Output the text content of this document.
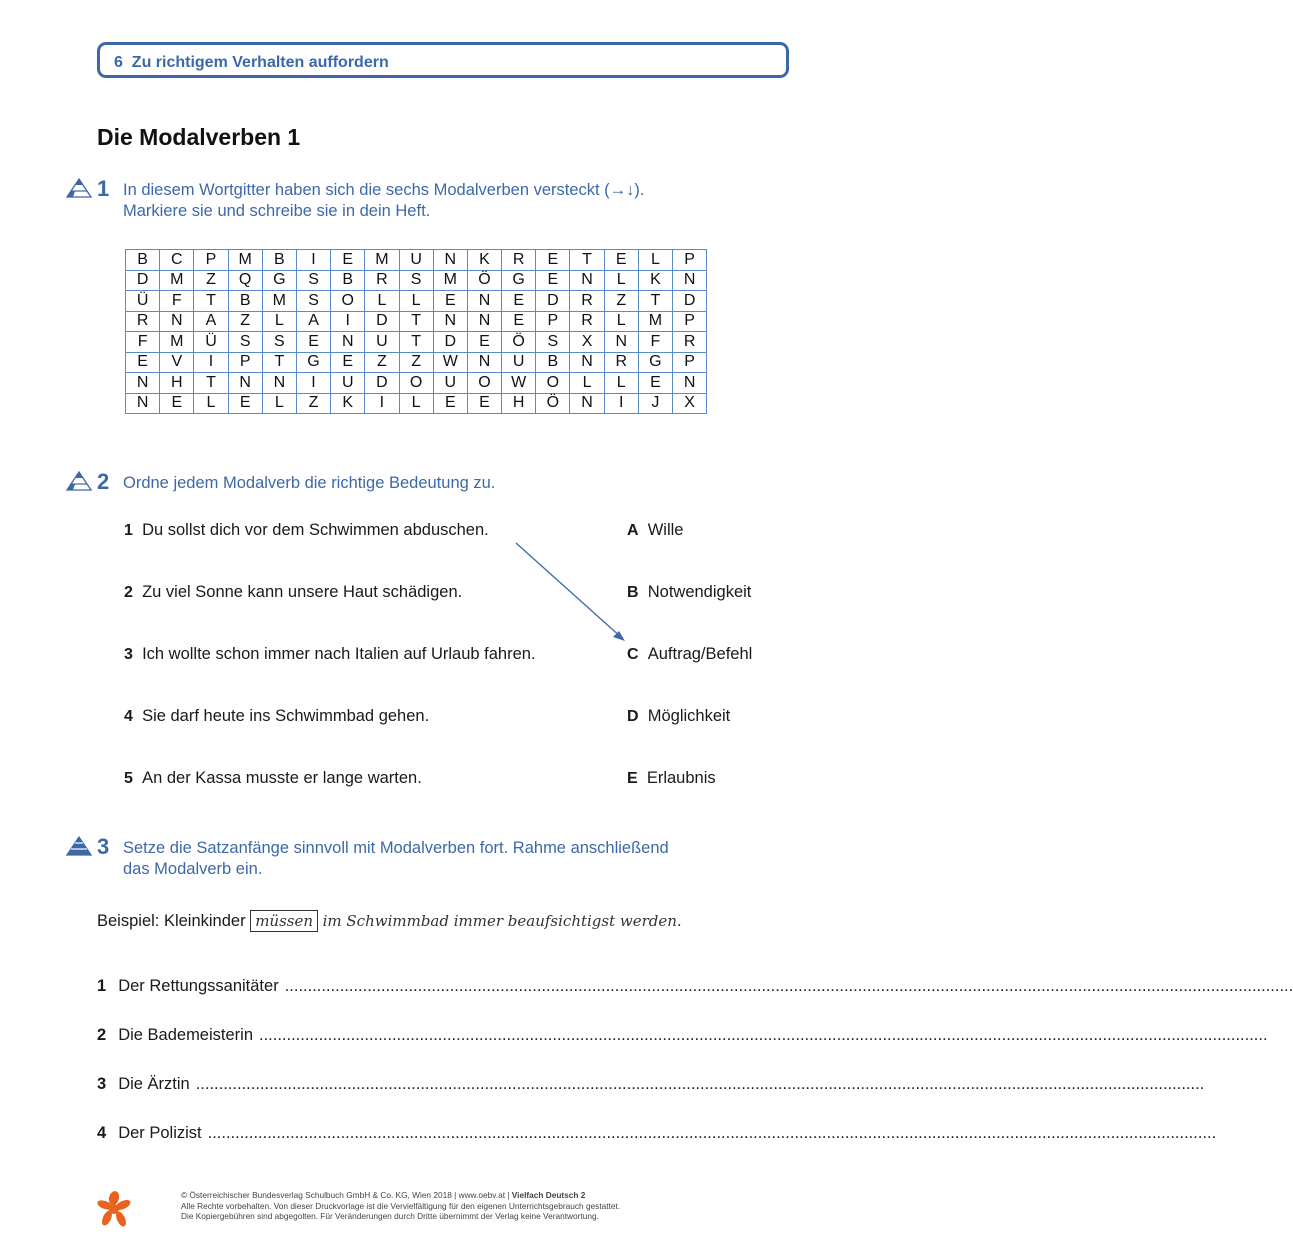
6 Zu richtigem Verhalten auffordern
Die Modalverben 1
1 In diesem Wortgitter haben sich die sechs Modalverben versteckt (→↓).
Markiere sie und schreibe sie in dein Heft.
B	C	P	M	B	I	E	M	U	N	K	R	E	T	E	L	P
D	M	Z	Q	G	S	B	R	S	M	Ö	G	E	N	L	K	N
Ü	F	T	B	M	S	O	L	L	E	N	E	D	R	Z	T	D
R	N	A	Z	L	A	I	D	T	N	N	E	P	R	L	M	P
F	M	Ü	S	S	E	N	U	T	D	E	Ö	S	X	N	F	R
E	V	I	P	T	G	E	Z	Z	W	N	U	B	N	R	G	P
N	H	T	N	N	I	U	D	O	U	O	W	O	L	L	E	N
N	E	L	E	L	Z	K	I	L	E	E	H	Ö	N	I	J	X
2 Ordne jedem Modalverb die richtige Bedeutung zu.
1 Du sollst dich vor dem Schwimmen abduschen.
2 Zu viel Sonne kann unsere Haut schädigen.
3 Ich wollte schon immer nach Italien auf Urlaub fahren.
4 Sie darf heute ins Schwimmbad gehen.
5 An der Kassa musste er lange warten.
A Wille
B Notwendigkeit
C Auftrag/Befehl
D Möglichkeit
E Erlaubnis
3 Setze die Satzanfänge sinnvoll mit Modalverben fort. Rahme anschließend
das Modalverb ein.
Beispiel: Kleinkinder müssen im Schwimmbad immer beaufsichtigst werden.
1 Der Rettungssanitäter ............................................................................................................................................................................................................................
2 Die Bademeisterin ............................................................................................................................................................................................................................
3 Die Ärztin ............................................................................................................................................................................................................................
4 Der Polizist ............................................................................................................................................................................................................................
© Österreichischer Bundesverlag Schulbuch GmbH & Co. KG, Wien 2018 | www.oebv.at | Vielfach Deutsch 2
Alle Rechte vorbehalten. Von dieser Druckvorlage ist die Vervielfältigung für den eigenen Unterrichtsgebrauch gestattet.
Die Kopiergebühren sind abgegolten. Für Veränderungen durch Dritte übernimmt der Verlag keine Verantwortung.
